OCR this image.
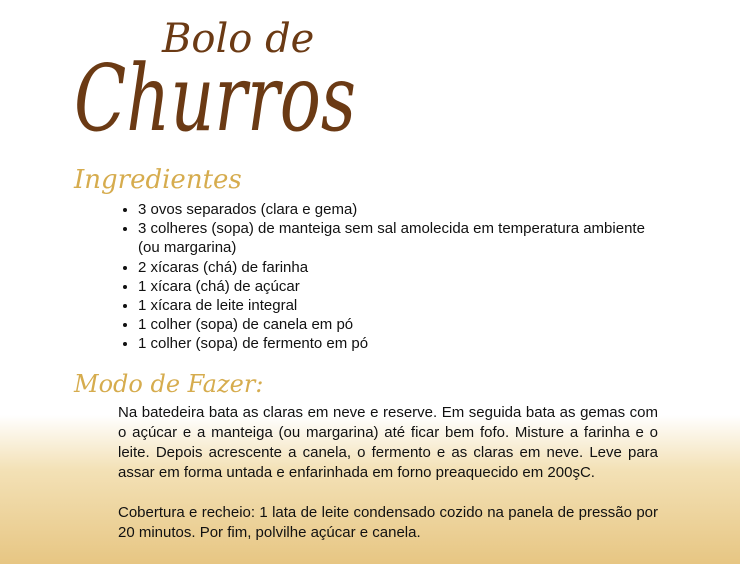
Bolo de
Churros
Ingredientes
• 3 ovos separados (clara e gema)
• 3 colheres (sopa) de manteiga sem sal amolecida em temperatura ambiente (ou margarina)
• 2 xícaras (chá) de farinha
• 1 xícara (chá) de açúcar
• 1 xícara de leite integral
• 1 colher (sopa) de canela em pó
• 1 colher (sopa) de fermento em pó
Modo de Fazer:

Na batedeira bata as claras em neve e reserve. Em seguida bata as gemas com o açúcar e a manteiga (ou margarina) até ficar bem fofo. Misture a farinha e o leite. Depois acrescente a canela, o fermento e as claras em neve. Leve para assar em forma untada e enfarinhada em forno preaquecido em 200şC.

Cobertura e recheio: 1 lata de leite condensado cozido na panela de pressão por 20 minutos. Por fim, polvilhe açúcar e canela.
